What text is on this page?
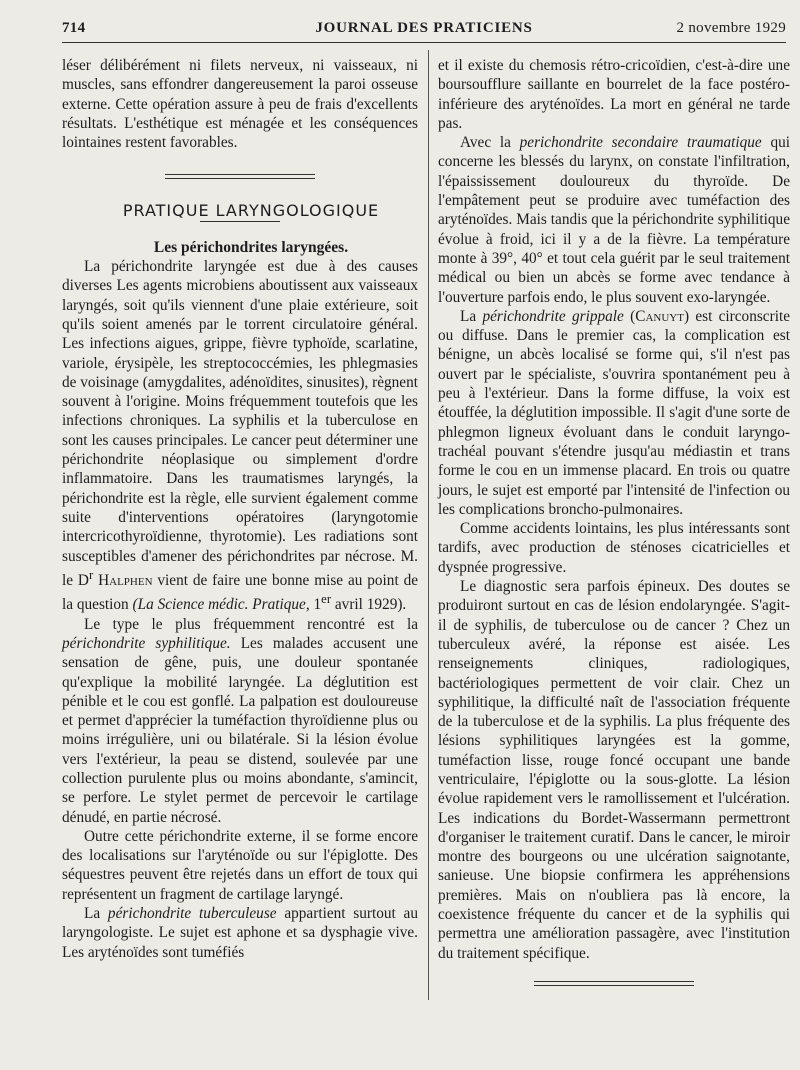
714	JOURNAL DES PRATICIENS	2 novembre 1929

léser délibérément ni filets nerveux, ni vaisseaux, ni muscles, sans effondrer dangereusement la paroi osseuse externe. Cette opération assure à peu de frais d'excellents résultats. L'esthétique est ménagée et les conséquences lointaines restent favorables.

PRATIQUE LARYNGOLOGIQUE

Les périchondrites laryngées.

La périchondrite laryngée est due à des causes diverses Les agents microbiens aboutissent aux vaisseaux laryngés, soit qu'ils viennent d'une plaie extérieure, soit qu'ils soient amenés par le torrent circulatoire général. Les infections aigues, grippe, fièvre typhoïde, scarlatine, variole, érysipèle, les streptococcémies, les phlegmasies de voisinage (amygdalites, adénoïdites, sinusites), règnent souvent à l'origine. Moins fréquemment toutefois que les infections chroniques. La syphilis et la tuberculose en sont les causes principales. Le cancer peut déterminer une périchondrite néoplasique ou simplement d'ordre inflammatoire. Dans les traumatismes laryngés, la périchondrite est la règle, elle survient également comme suite d'interventions opératoires (laryngotomie intercricothyroïdienne, thyrotomie). Les radiations sont susceptibles d'amener des périchondrites par nécrose. M. le $D^r$ Halphen vient de faire une bonne mise au point de la question (La Science médic. Pratique, 1er avril 1929).

Le type le plus fréquemment rencontré est la périchondrite syphilitique. Les malades accusent une sensation de gêne, puis, une douleur spontanée qu'explique la mobilité laryngée. La déglutition est pénible et le cou est gonflé. La palpation est douloureuse et permet d'apprécier la tuméfaction thyroïdienne plus ou moins irrégulière, uni ou bilatérale. Si la lésion évolue vers l'extérieur, la peau se distend, soulevée par une collection purulente plus ou moins abondante, s'amincit, se perfore. Le stylet permet de percevoir le cartilage dénudé, en partie nécrosé.

Outre cette périchondrite externe, il se forme encore des localisations sur l'aryténoïde ou sur l'épiglotte. Des séquestres peuvent être rejetés dans un effort de toux qui représentent un fragment de cartilage laryngé.

La périchondrite tuberculeuse appartient surtout au laryngologiste. Le sujet est aphone et sa dysphagie vive. Les aryténoïdes sont tuméfiés

et il existe du chemosis rétro-cricoïdien, c'est-à-dire une boursoufflure saillante en bourrelet de la face postéro-inférieure des aryténoïdes. La mort en général ne tarde pas.

Avec la perichondrite secondaire traumatique qui concerne les blessés du larynx, on constate l'infiltration, l'épaississement douloureux du thyroïde. De l'empâtement peut se produire avec tuméfaction des aryténoïdes. Mais tandis que la périchondrite syphilitique évolue à froid, ici il y a de la fièvre. La température monte à 39°, 40° et tout cela guérit par le seul traitement médical ou bien un abcès se forme avec tendance à l'ouverture parfois endo, le plus souvent exo-laryngée.

La périchondrite grippale (Canuyt) est circonscrite ou diffuse. Dans le premier cas, la complication est bénigne, un abcès localisé se forme qui, s'il n'est pas ouvert par le spécialiste, s'ouvrira spontanément peu à peu à l'extérieur. Dans la forme diffuse, la voix est étouffée, la déglutition impossible. Il s'agit d'une sorte de phlegmon ligneux évoluant dans le conduit laryngo-trachéal pouvant s'étendre jusqu'au médiastin et trans forme le cou en un immense placard. En trois ou quatre jours, le sujet est emporté par l'intensité de l'infection ou les complications broncho-pulmonaires.

Comme accidents lointains, les plus intéressants sont tardifs, avec production de sténoses cicatricielles et dyspnée progressive.

Le diagnostic sera parfois épineux. Des doutes se produiront surtout en cas de lésion endolaryngée. S'agit-il de syphilis, de tuberculose ou de cancer ? Chez un tuberculeux avéré, la réponse est aisée. Les renseignements cliniques, radiologiques, bactériologiques permettent de voir clair. Chez un syphilitique, la difficulté naît de l'association fréquente de la tuberculose et de la syphilis. La plus fréquente des lésions syphilitiques laryngées est la gomme, tuméfaction lisse, rouge foncé occupant une bande ventriculaire, l'épiglotte ou la sous-glotte. La lésion évolue rapidement vers le ramollissement et l'ulcération. Les indications du Bordet-Wassermann permettront d'organiser le traitement curatif. Dans le cancer, le miroir montre des bourgeons ou une ulcération saignotante, sanieuse. Une biopsie confirmera les appréhensions premières. Mais on n'oubliera pas là encore, la coexistence fréquente du cancer et de la syphilis qui permettra une amélioration passagère, avec l'institution du traitement spécifique.
